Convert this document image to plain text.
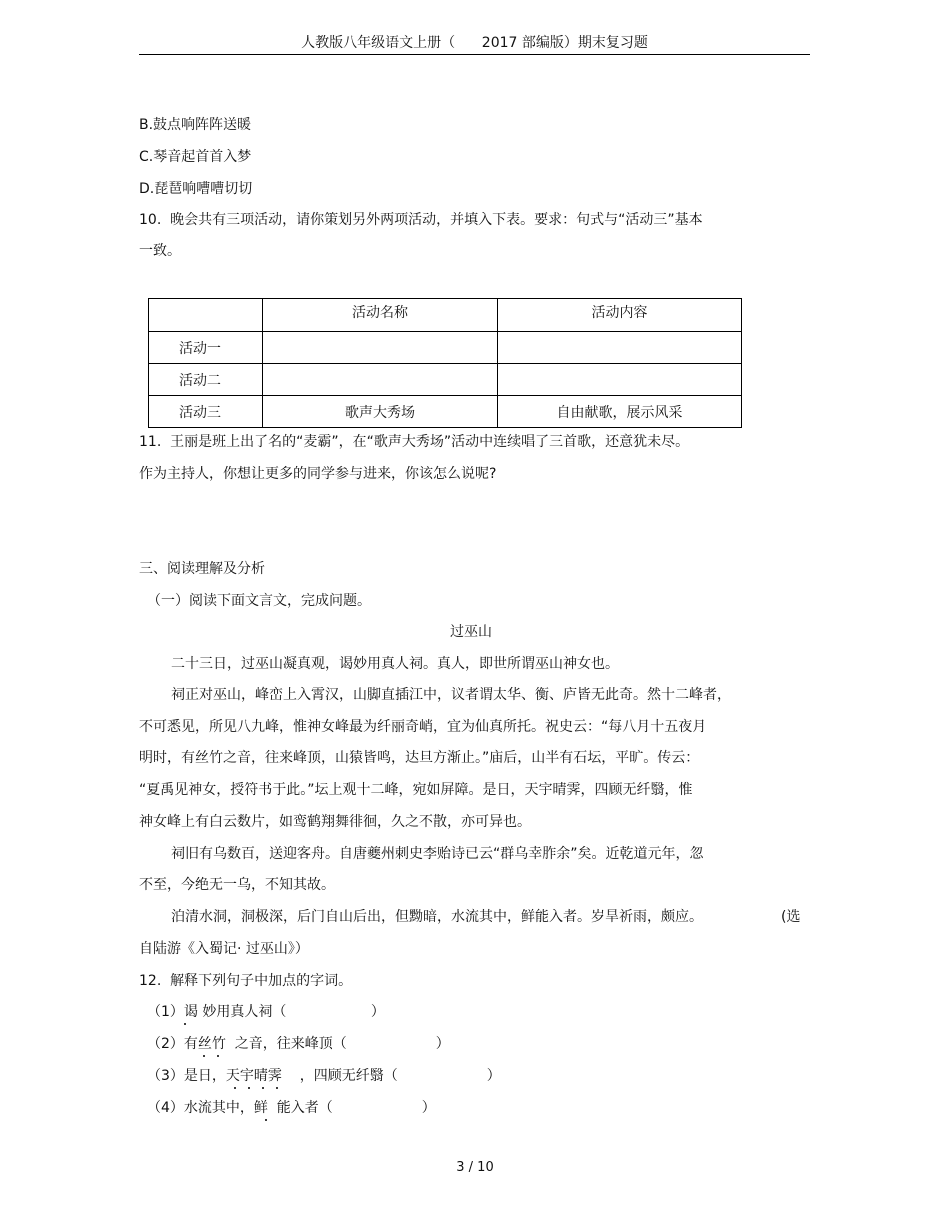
人教版八年级语文上册（      2017 部编版）期末复习题
B.鼓点响阵阵送暖
C.琴音起首首入梦
D.琵琶响嘈嘈切切
10.  晚会共有三项活动，请你策划另外两项活动，并填入下表。要求：句式与“活动三”基本
一致。
	活动名称	活动内容
活动一		
活动二		
活动三	歌声大秀场	自由献歌，展示风采
11.  王丽是班上出了名的“麦霸”，在“歌声大秀场”活动中连续唱了三首歌，还意犹未尽。
作为主持人，你想让更多的同学参与进来，你该怎么说呢?
三、阅读理解及分析
（一）阅读下面文言文，完成问题。
过巫山
二十三日，过巫山凝真观，谒妙用真人祠。真人，即世所谓巫山神女也。
祠正对巫山，峰峦上入霄汉，山脚直插江中，议者谓太华、衡、庐皆无此奇。然十二峰者，
不可悉见，所见八九峰，惟神女峰最为纤丽奇峭，宜为仙真所托。祝史云：“每八月十五夜月
明时，有丝竹之音，往来峰顶，山猿皆鸣，达旦方渐止。”庙后，山半有石坛，平旷。传云：
“夏禹见神女，授符书于此。”坛上观十二峰，宛如屏障。是日，天宇晴霁，四顾无纤翳，惟
神女峰上有白云数片，如鸾鹤翔舞徘徊，久之不散，亦可异也。
祠旧有乌数百，送迎客舟。自唐夔州刺史李贻诗已云“群乌幸胙余”矣。近乾道元年，忽
不至，今绝无一乌，不知其故。
泊清水洞，洞极深，后门自山后出，但黝暗，水流其中，鲜能入者。岁旱祈雨，颇应。	(选
自陆游《入蜀记· 过巫山》）
12.  解释下列句子中加点的字词。
（1）谒 妙用真人祠（                   ）
（2）有丝竹  之音，往来峰顶（                    ）
（3）是日，天宇晴霁    ，四顾无纤翳（                    ）
（4）水流其中，鲜  能入者（                    ）
3 / 10
